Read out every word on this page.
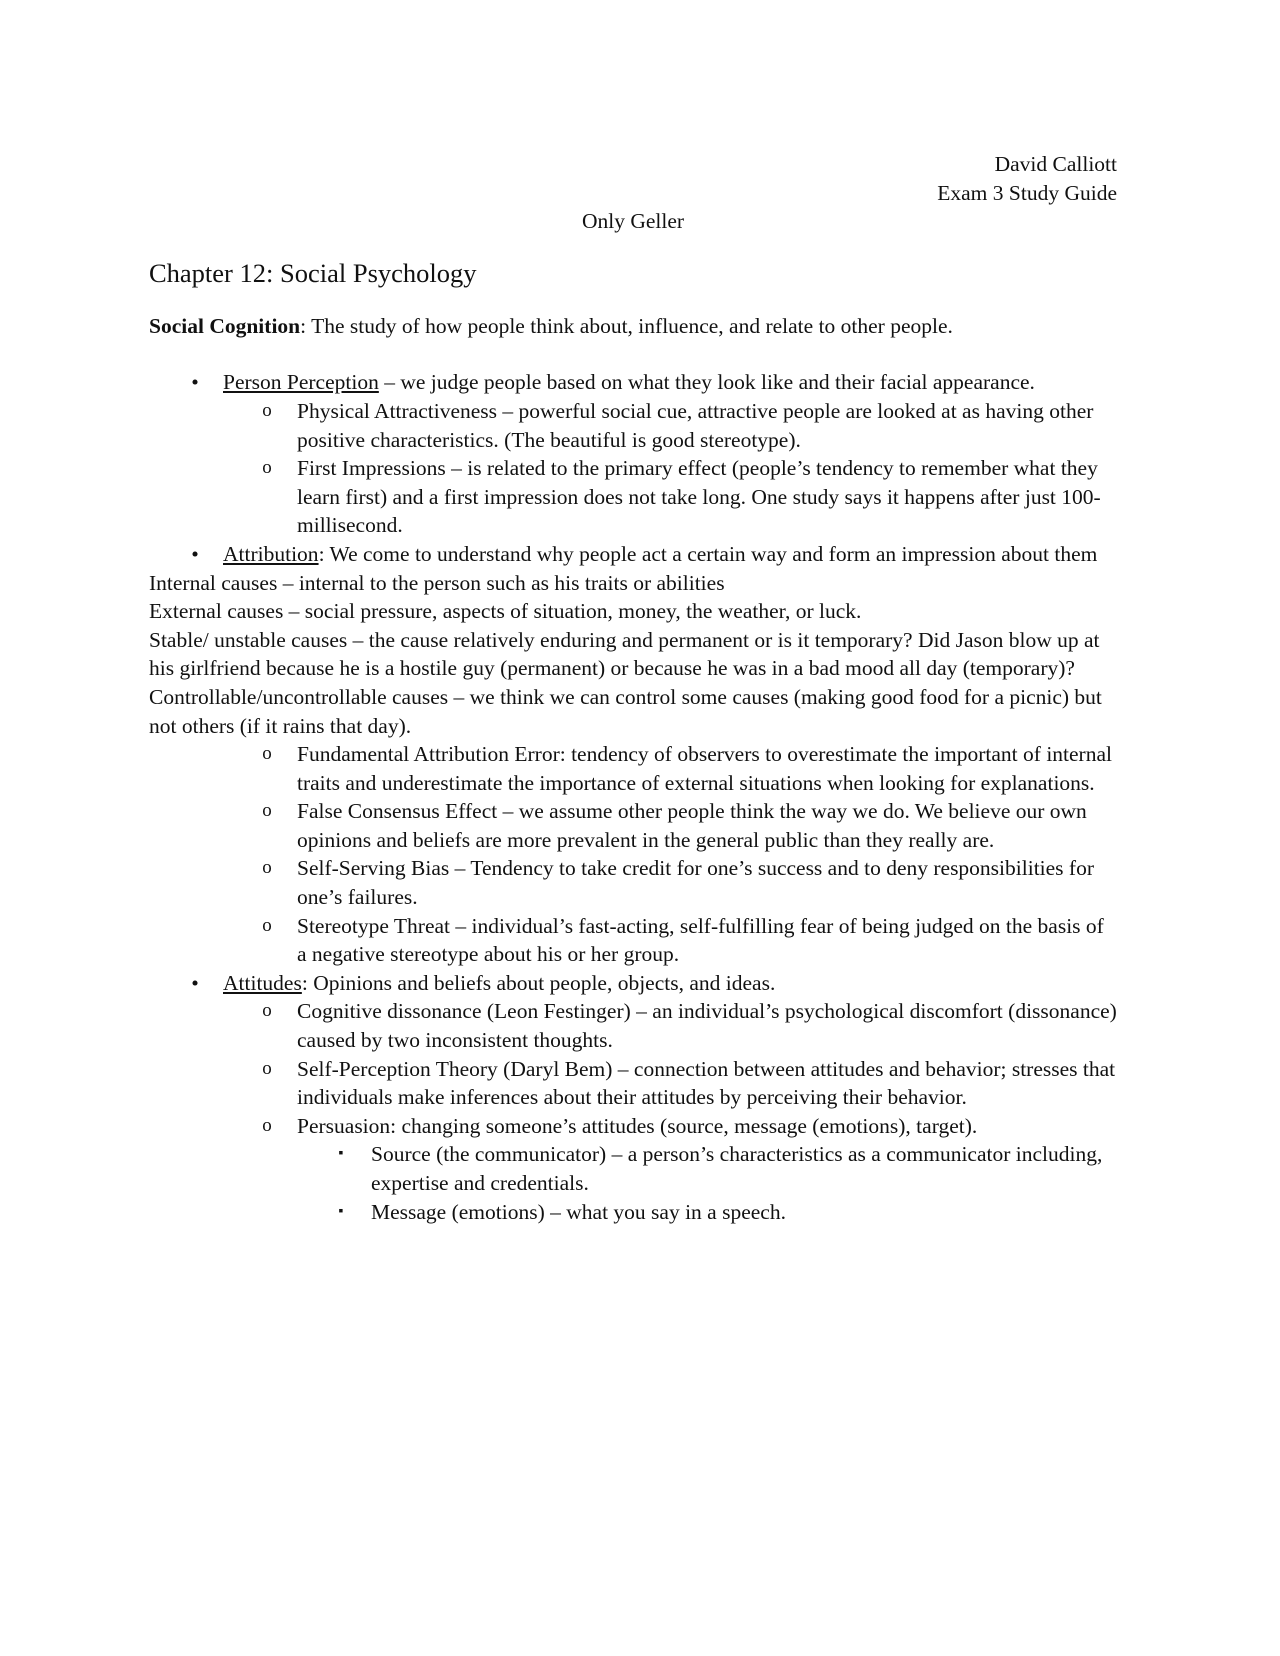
David Calliott
Exam 3 Study Guide
Only Geller
Chapter 12: Social Psychology
Social Cognition: The study of how people think about, influence, and relate to other people.
•	Person Perception – we judge people based on what they look like and their facial appearance.
o	Physical Attractiveness – powerful social cue, attractive people are looked at as having other positive characteristics. (The beautiful is good stereotype).
o	First Impressions – is related to the primary effect (people’s tendency to remember what they learn first) and a first impression does not take long. One study says it happens after just 100-millisecond.
•	Attribution: We come to understand why people act a certain way and form an impression about them
Internal causes – internal to the person such as his traits or abilities
External causes – social pressure, aspects of situation, money, the weather, or luck.
Stable/ unstable causes – the cause relatively enduring and permanent or is it temporary? Did Jason blow up at his girlfriend because he is a hostile guy (permanent) or because he was in a bad mood all day (temporary)?
Controllable/uncontrollable causes – we think we can control some causes (making good food for a picnic) but not others (if it rains that day).
o	Fundamental Attribution Error: tendency of observers to overestimate the important of internal traits and underestimate the importance of external situations when looking for explanations.
o	False Consensus Effect – we assume other people think the way we do. We believe our own opinions and beliefs are more prevalent in the general public than they really are.
o	Self-Serving Bias – Tendency to take credit for one’s success and to deny responsibilities for one’s failures.
o	Stereotype Threat – individual’s fast-acting, self-fulfilling fear of being judged on the basis of a negative stereotype about his or her group.
•	Attitudes: Opinions and beliefs about people, objects, and ideas.
o	Cognitive dissonance (Leon Festinger) – an individual’s psychological discomfort (dissonance) caused by two inconsistent thoughts.
o	Self-Perception Theory (Daryl Bem) – connection between attitudes and behavior; stresses that individuals make inferences about their attitudes by perceiving their behavior.
o	Persuasion: changing someone’s attitudes (source, message (emotions), target).
▪	Source (the communicator) – a person’s characteristics as a communicator including, expertise and credentials.
▪	Message (emotions) – what you say in a speech.
